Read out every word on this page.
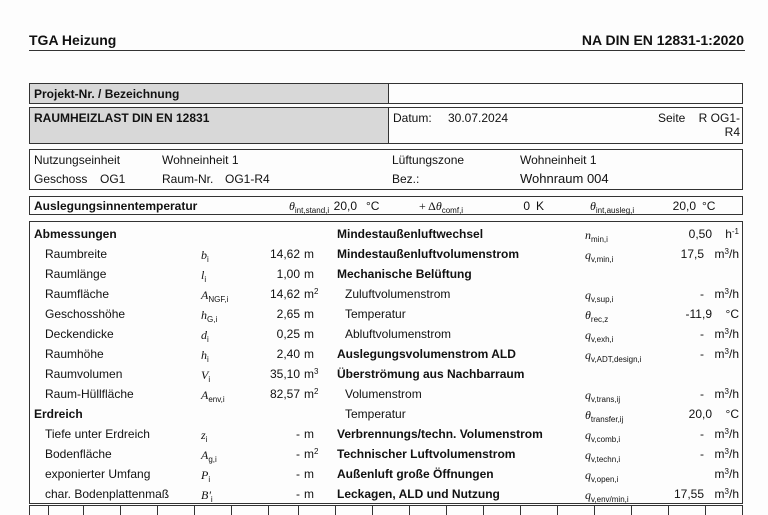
TGA Heizung	NA DIN EN 12831-1:2020
Projekt-Nr. / Bezeichnung
RAUMHEIZLAST DIN EN 12831	Datum: 30.07.2024	Seite R OG1-
R4
Nutzungseinheit	Wohneinheit 1
Geschoss OG1	Raum-Nr. OG1-R4
Lüftungszone	Wohneinheit 1
Bez.:	Wohnraum 004
Auslegungsinnentemperatur	$\theta_{int,stand,i}$ 20,0 °C	+ $\Delta\theta_{comf,i}$	0 K	$\theta_{int,ausleg,i}$	20,0 °C
Abmessungen
Raumbreite	$b_i$	14,62 m
Raumlänge	$l_i$	1,00 m
Raumfläche	$A_{NGF,i}$	14,62 $m^2$
Geschosshöhe	$h_{G,i}$	2,65 m
Deckendicke	$d_i$	0,25 m
Raumhöhe	$h_i$	2,40 m
Raumvolumen	$V_i$	35,10 $m^3$
Raum-Hüllfläche	$A_{env,i}$	82,57 $m^2$
Erdreich
Tiefe unter Erdreich	$z_i$	- m
Bodenfläche	$A_{g,i}$	- $m^2$
exponierter Umfang	$P_i$	- m
char. Bodenplattenmaß	$B'_i$	- m
Mindestaußenluftwechsel	$n_{min,i}$	0,50 $h^{-1}$
Mindestaußenluftvolumenstrom	$q_{v,min,i}$	17,5 $m^3/h$
Mechanische Belüftung
Zuluftvolumenstrom	$q_{v,sup,i}$	- $m^3/h$
Temperatur	$\theta_{rec,z}$	-11,9 °C
Abluftvolumenstrom	$q_{v,exh,i}$	- $m^3/h$
Auslegungsvolumenstrom ALD	$q_{v,ADT,design,i}$	- $m^3/h$
Überströmung aus Nachbarraum
Volumenstrom	$q_{v,trans,ij}$	- $m^3/h$
Temperatur	$\theta_{transfer,ij}$	20,0 °C
Verbrennungs/techn. Volumenstrom	$q_{v,comb,i}$	- $m^3/h$
Technischer Luftvolumenstrom	$q_{v,techn,i}$	- $m^3/h$
Außenluft große Öffnungen	$q_{v,open,i}$	$m^3/h$
Leckagen, ALD und Nutzung	$q_{v,env/min,i}$	17,55 $m^3/h$
